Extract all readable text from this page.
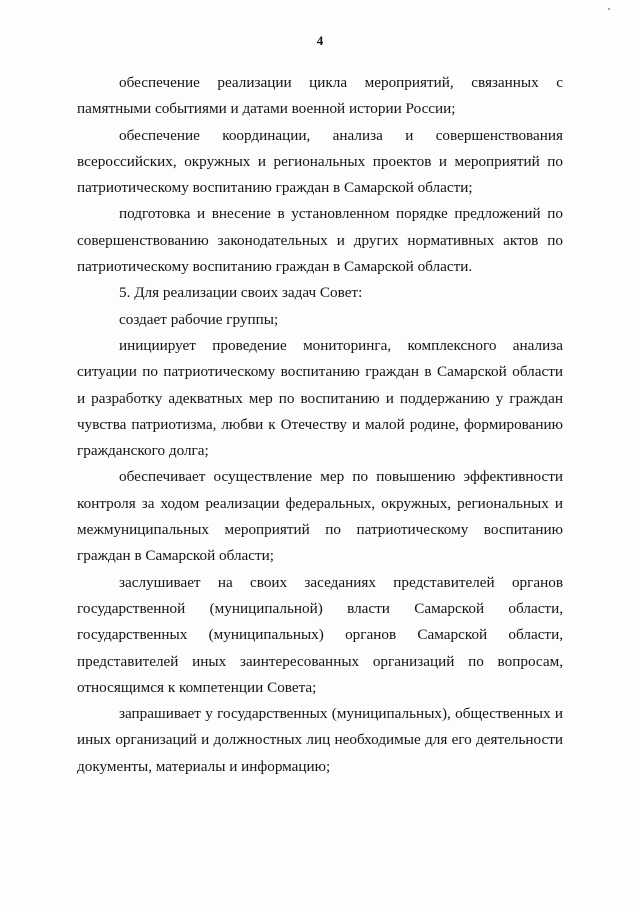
4

обеспечение реализации цикла мероприятий, связанных с памятными событиями и датами военной истории России;

обеспечение координации, анализа и совершенствования всероссийских, окружных и региональных проектов и мероприятий по патриотическому воспитанию граждан в Самарской области;

подготовка и внесение в установленном порядке предложений по совершенствованию законодательных и других нормативных актов по патриотическому воспитанию граждан в Самарской области.

5. Для реализации своих задач Совет:

создает рабочие группы;

инициирует проведение мониторинга, комплексного анализа ситуации по патриотическому воспитанию граждан в Самарской области и разработку адекватных мер по воспитанию и поддержанию у граждан чувства патриотизма, любви к Отечеству и малой родине, формированию гражданского долга;

обеспечивает осуществление мер по повышению эффективности контроля за ходом реализации федеральных, окружных, региональных и межмуниципальных мероприятий по патриотическому воспитанию граждан в Самарской области;

заслушивает на своих заседаниях представителей органов государственной (муниципальной) власти Самарской области, государственных (муниципальных) органов Самарской области, представителей иных заинтересованных организаций по вопросам, относящимся к компетенции Совета;

запрашивает у государственных (муниципальных), общественных и иных организаций и должностных лиц необходимые для его деятельности документы, материалы и информацию;
